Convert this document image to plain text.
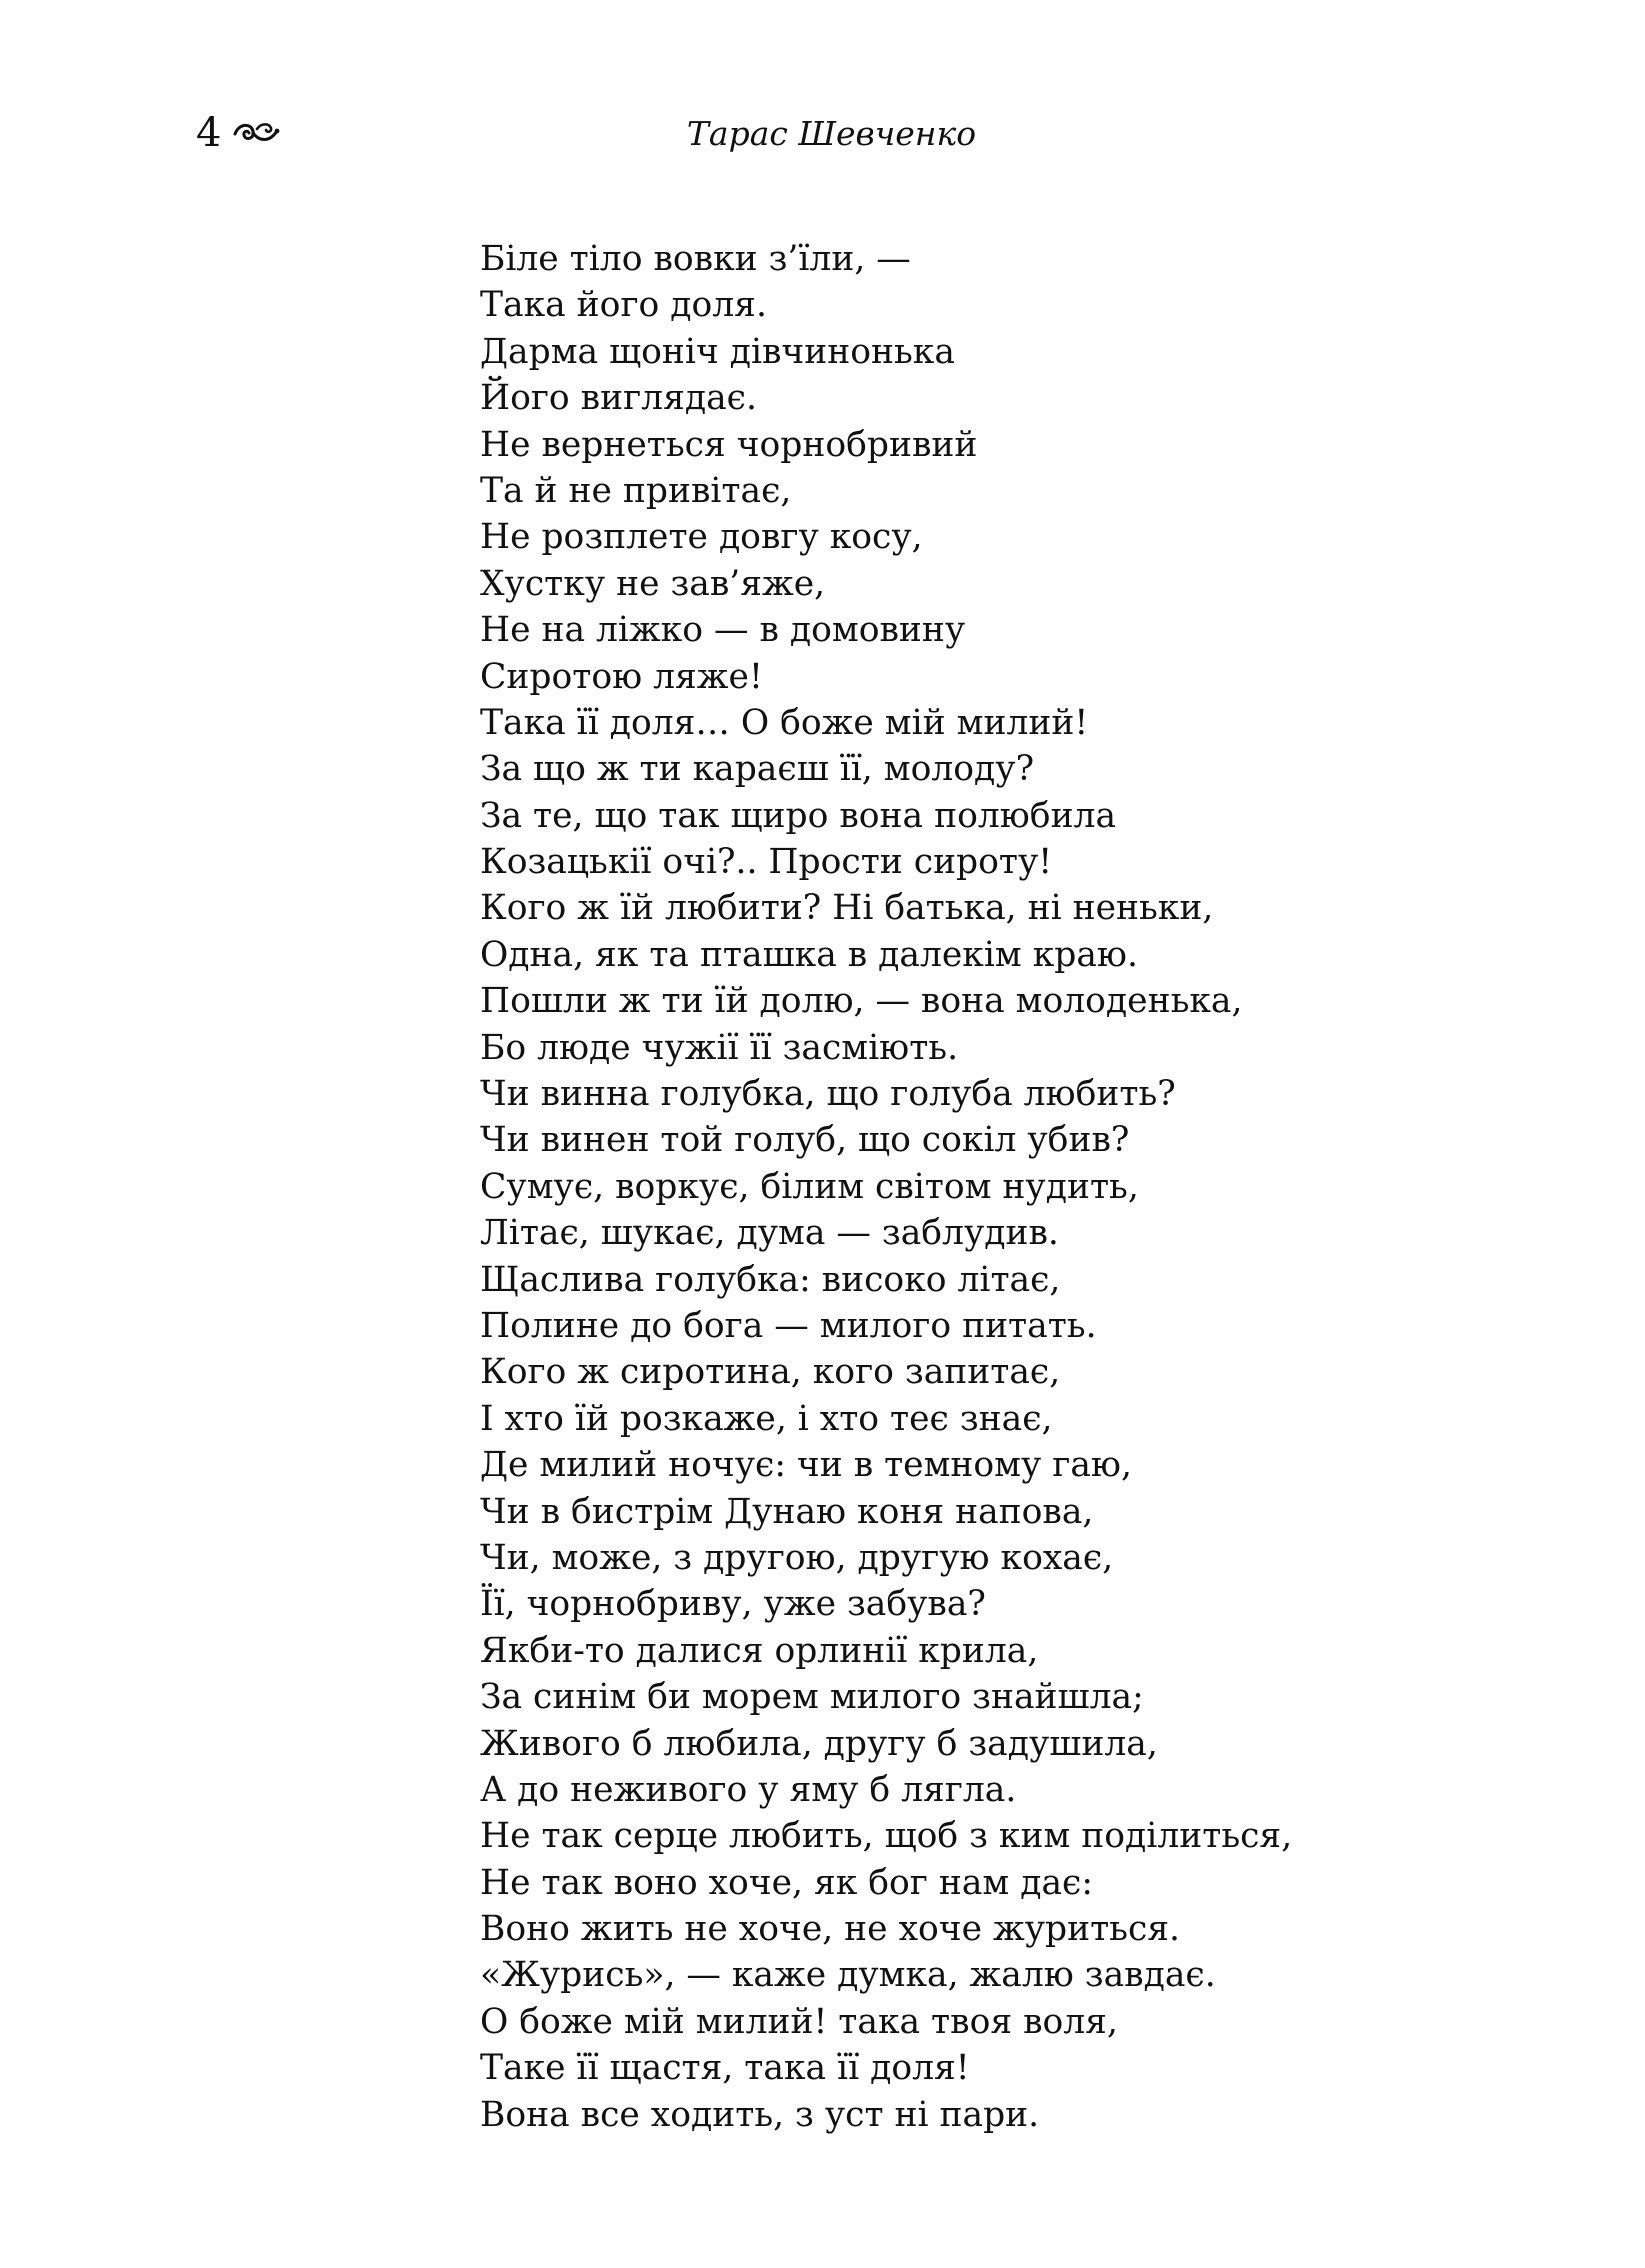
4	Тарас Шевченко
Біле тіло вовки з’їли, —
Така його доля.
Дарма щоніч дівчинонька
Його виглядає.
Не вернеться чорнобривий
Та й не привітає,
Не розплете довгу косу,
Хустку не зав’яже,
Не на ліжко — в домовину
Сиротою ляже!
Така її доля… О боже мій милий!
За що ж ти караєш її, молоду?
За те, що так щиро вона полюбила
Козацькії очі?.. Прости сироту!
Кого ж їй любити? Ні батька, ні неньки,
Одна, як та пташка в далекім краю.
Пошли ж ти їй долю, — вона молоденька,
Бо люде чужії її засміють.
Чи винна голубка, що голуба любить?
Чи винен той голуб, що сокіл убив?
Сумує, воркує, білим світом нудить,
Літає, шукає, дума — заблудив.
Щаслива голубка: високо літає,
Полине до бога — милого питать.
Кого ж сиротина, кого запитає,
І хто їй розкаже, і хто теє знає,
Де милий ночує: чи в темному гаю,
Чи в бистрім Дунаю коня напова,
Чи, може, з другою, другую кохає,
Її, чорнобриву, уже забува?
Якби-то далися орлинії крила,
За синім би морем милого знайшла;
Живого б любила, другу б задушила,
А до неживого у яму б лягла.
Не так серце любить, щоб з ким поділиться,
Не так воно хоче, як бог нам дає:
Воно жить не хоче, не хоче журиться.
«Журись», — каже думка, жалю завдає.
О боже мій милий! така твоя воля,
Таке її щастя, така її доля!
Вона все ходить, з уст ні пари.
